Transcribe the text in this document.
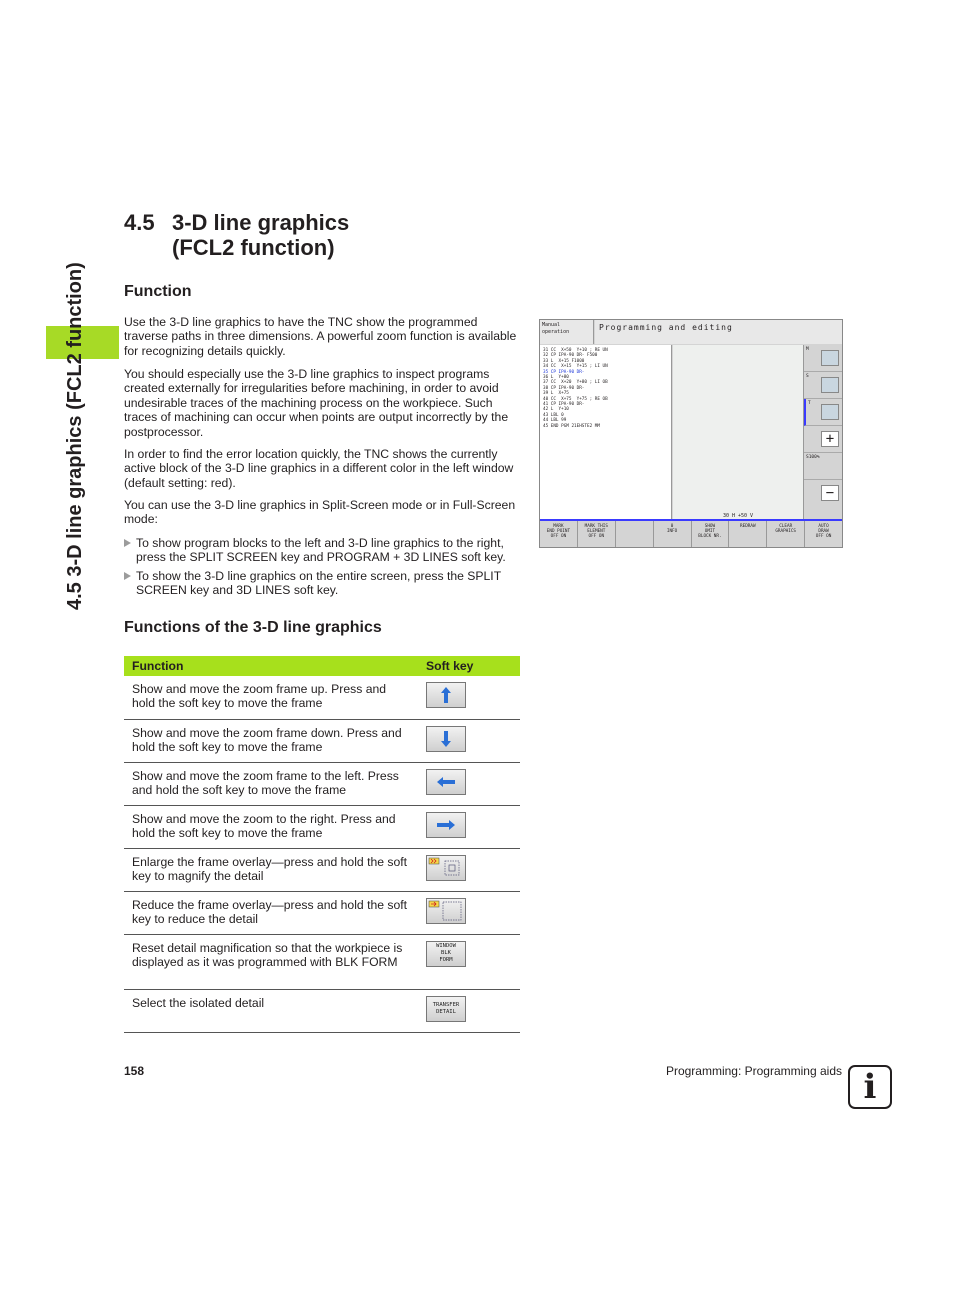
4.5 3-D line graphics (FCL2 function)
4.5 3-D line graphics
(FCL2 function)
Function
Use the 3-D line graphics to have the TNC show the programmed traverse paths in three dimensions. A powerful zoom function is available for recognizing details quickly.
You should especially use the 3-D line graphics to inspect programs created externally for irregularities before machining, in order to avoid undesirable traces of the machining process on the workpiece. Such traces of machining can occur when points are output incorrectly by the postprocessor.
In order to find the error location quickly, the TNC shows the currently active block of the 3-D line graphics in a different color in the left window (default setting: red).
You can use the 3-D line graphics in Split-Screen mode or in Full-Screen mode:
To show program blocks to the left and 3-D line graphics to the right, press the SPLIT SCREEN key and PROGRAM + 3D LINES soft key.
To show the 3-D line graphics on the entire screen, press the SPLIT SCREEN key and 3D LINES soft key.
Functions of the 3-D line graphics
Function	Soft key
Show and move the zoom frame up. Press and hold the soft key to move the frame	

Show and move the zoom frame down. Press and hold the soft key to move the frame	

Show and move the zoom frame to the left. Press and hold the soft key to move the frame	

Show and move the zoom to the right. Press and hold the soft key to move the frame	

Enlarge the frame overlay—press and hold the soft key to magnify the detail	

Reduce the frame overlay—press and hold the soft key to reduce the detail	

Reset detail magnification so that the workpiece is displayed as it was programmed with BLK FORM	WINDOW
BLK
FORM

Select the isolated detail	TRANSFER
DETAIL
Manual
operation	Programming and editing
31 CC  X+50  Y+10 ; RE UN
32 CP IPA-90 DR- F500
33 L  X+15 F1000
34 CC  X+15  Y+15 ; LI UN
35 CP IPA-90 DR-
36 L  Y+80
37 CC  X+20  Y+80 ; LI OB
38 CP IPA-90 DR-
39 L  X+75
40 CC  X+75  Y+75 ; RE OB
41 CP IPA-90 DR-
42 L  Y+10
43 LBL 0
44 LBL 99
45 END PGM 21EHSTE2 MM
30 H +50 V
M
S
T
+
S100%
−
MARK
END POINT
OFF ON
MARK THIS
ELEMENT
OFF ON
0
INFO
SHOW
OMIT
BLOCK NR.
REDRAW	CLEAR
GRAPHICS
AUTO
DRAW
OFF ON
158	Programming: Programming aids i
